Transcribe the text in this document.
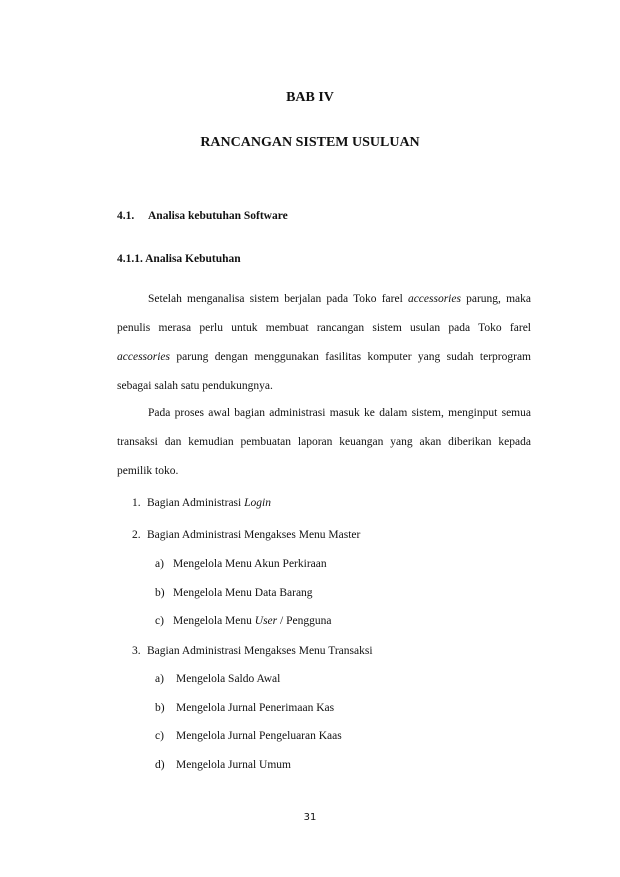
BAB IV

RANCANGAN SISTEM USULUAN

4.1. Analisa kebutuhan Software

4.1.1. Analisa Kebutuhan

Setelah menganalisa sistem berjalan pada Toko farel accessories parung, maka penulis merasa perlu untuk membuat rancangan sistem usulan pada Toko farel accessories parung dengan menggunakan fasilitas komputer yang sudah terprogram sebagai salah satu pendukungnya.

Pada proses awal bagian administrasi masuk ke dalam sistem, menginput semua transaksi dan kemudian pembuatan laporan keuangan yang akan diberikan kepada pemilik toko.

1. Bagian Administrasi Login

2. Bagian Administrasi Mengakses Menu Master

a) Mengelola Menu Akun Perkiraan

b) Mengelola Menu Data Barang

c) Mengelola Menu User / Pengguna

3. Bagian Administrasi Mengakses Menu Transaksi

a) Mengelola Saldo Awal

b) Mengelola Jurnal Penerimaan Kas

c) Mengelola Jurnal Pengeluaran Kaas

d) Mengelola Jurnal Umum

31
